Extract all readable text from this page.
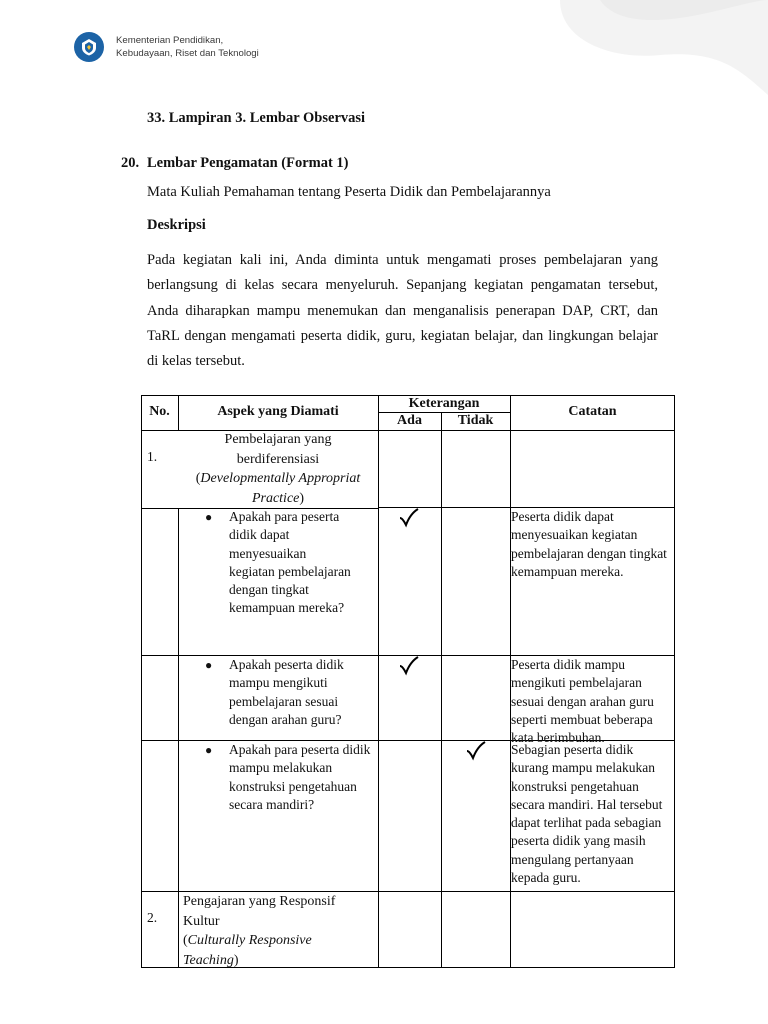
Kementerian Pendidikan,
Kebudayaan, Riset dan Teknologi
33. Lampiran 3. Lembar Observasi
20. Lembar Pengamatan (Format 1)
Mata Kuliah Pemahaman tentang Peserta Didik dan Pembelajarannya
Deskripsi

Pada kegiatan kali ini, Anda diminta untuk mengamati proses pembelajaran yang berlangsung di kelas secara menyeluruh. Sepanjang kegiatan pengamatan tersebut, Anda diharapkan mampu menemukan dan menganalisis penerapan DAP, CRT, dan TaRL dengan mengamati peserta didik, guru, kegiatan belajar, dan lingkungan belajar di kelas tersebut.

No.	Aspek yang Diamati
Keterangan
Ada	Tidak
Catatan
1.
Pembelajaran yang
berdiferensiasi
(Developmentally Appropriat Practice)
● Apakah para peserta didik dapat menyesuaikan kegiatan pembelajaran dengan tingkat kemampuan mereka?
Peserta didik dapat menyesuaikan kegiatan pembelajaran dengan tingkat kemampuan mereka.
● Apakah peserta didik mampu mengikuti pembelajaran sesuai dengan arahan guru?
Peserta didik mampu mengikuti pembelajaran sesuai dengan arahan guru seperti membuat beberapa kata berimbuhan.
● Apakah para peserta didik mampu melakukan konstruksi pengetahuan secara mandiri?
Sebagian peserta didik kurang mampu melakukan konstruksi pengetahuan secara mandiri. Hal tersebut dapat terlihat pada sebagian peserta didik yang masih mengulang pertanyaan kepada guru.
2.
Pengajaran yang Responsif Kultur
(Culturally Responsive Teaching)
